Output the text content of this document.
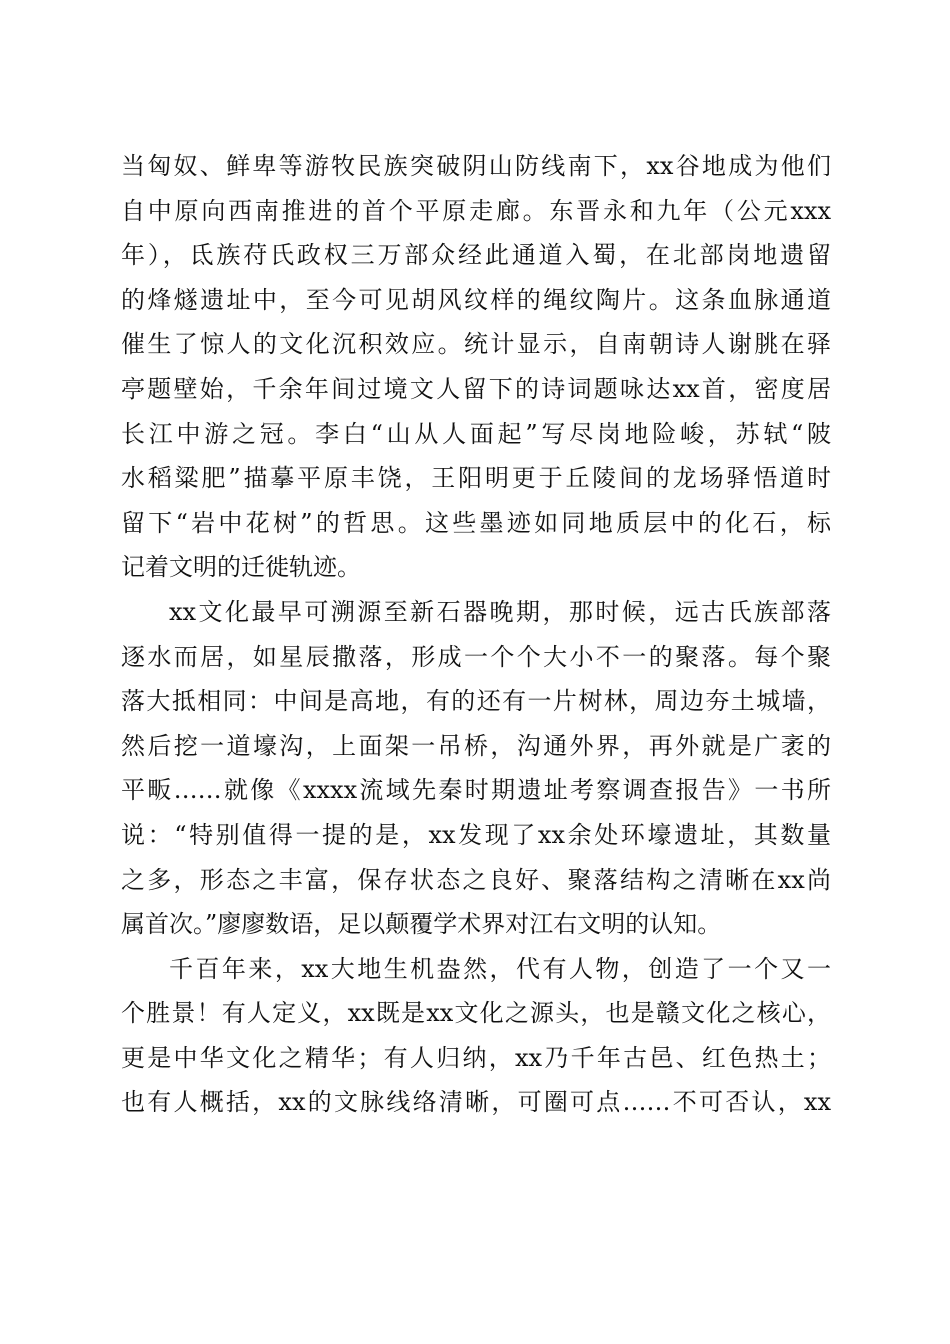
当匈奴、鲜卑等游牧民族突破阴山防线南下，xx谷地成为他们
自中原向西南推进的首个平原走廊。东晋永和九年（公元xxx
年），氐族苻氏政权三万部众经此通道入蜀，在北部岗地遗留
的烽燧遗址中，至今可见胡风纹样的绳纹陶片。这条血脉通道
催生了惊人的文化沉积效应。统计显示，自南朝诗人谢朓在驿
亭题壁始，千余年间过境文人留下的诗词题咏达xx首，密度居
长江中游之冠。李白“山从人面起”写尽岗地险峻，苏轼“陂
水稻粱肥”描摹平原丰饶，王阳明更于丘陵间的龙场驿悟道时
留下“岩中花树”的哲思。这些墨迹如同地质层中的化石，标
记着文明的迁徙轨迹。

xx文化最早可溯源至新石器晚期，那时候，远古氏族部落
逐水而居，如星辰撒落，形成一个个大小不一的聚落。每个聚
落大抵相同：中间是高地，有的还有一片树林，周边夯土城墙，
然后挖一道壕沟，上面架一吊桥，沟通外界，再外就是广袤的
平畈……就像《xxxx流域先秦时期遗址考察调查报告》一书所
说：“特别值得一提的是，xx发现了xx余处环壕遗址，其数量
之多，形态之丰富，保存状态之良好、聚落结构之清晰在xx尚
属首次。”廖廖数语，足以颠覆学术界对江右文明的认知。

千百年来，xx大地生机盎然，代有人物，创造了一个又一
个胜景！有人定义，xx既是xx文化之源头，也是赣文化之核心，
更是中华文化之精华；有人归纳，xx乃千年古邑、红色热土；
也有人概括，xx的文脉线络清晰，可圈可点……不可否认，xx
